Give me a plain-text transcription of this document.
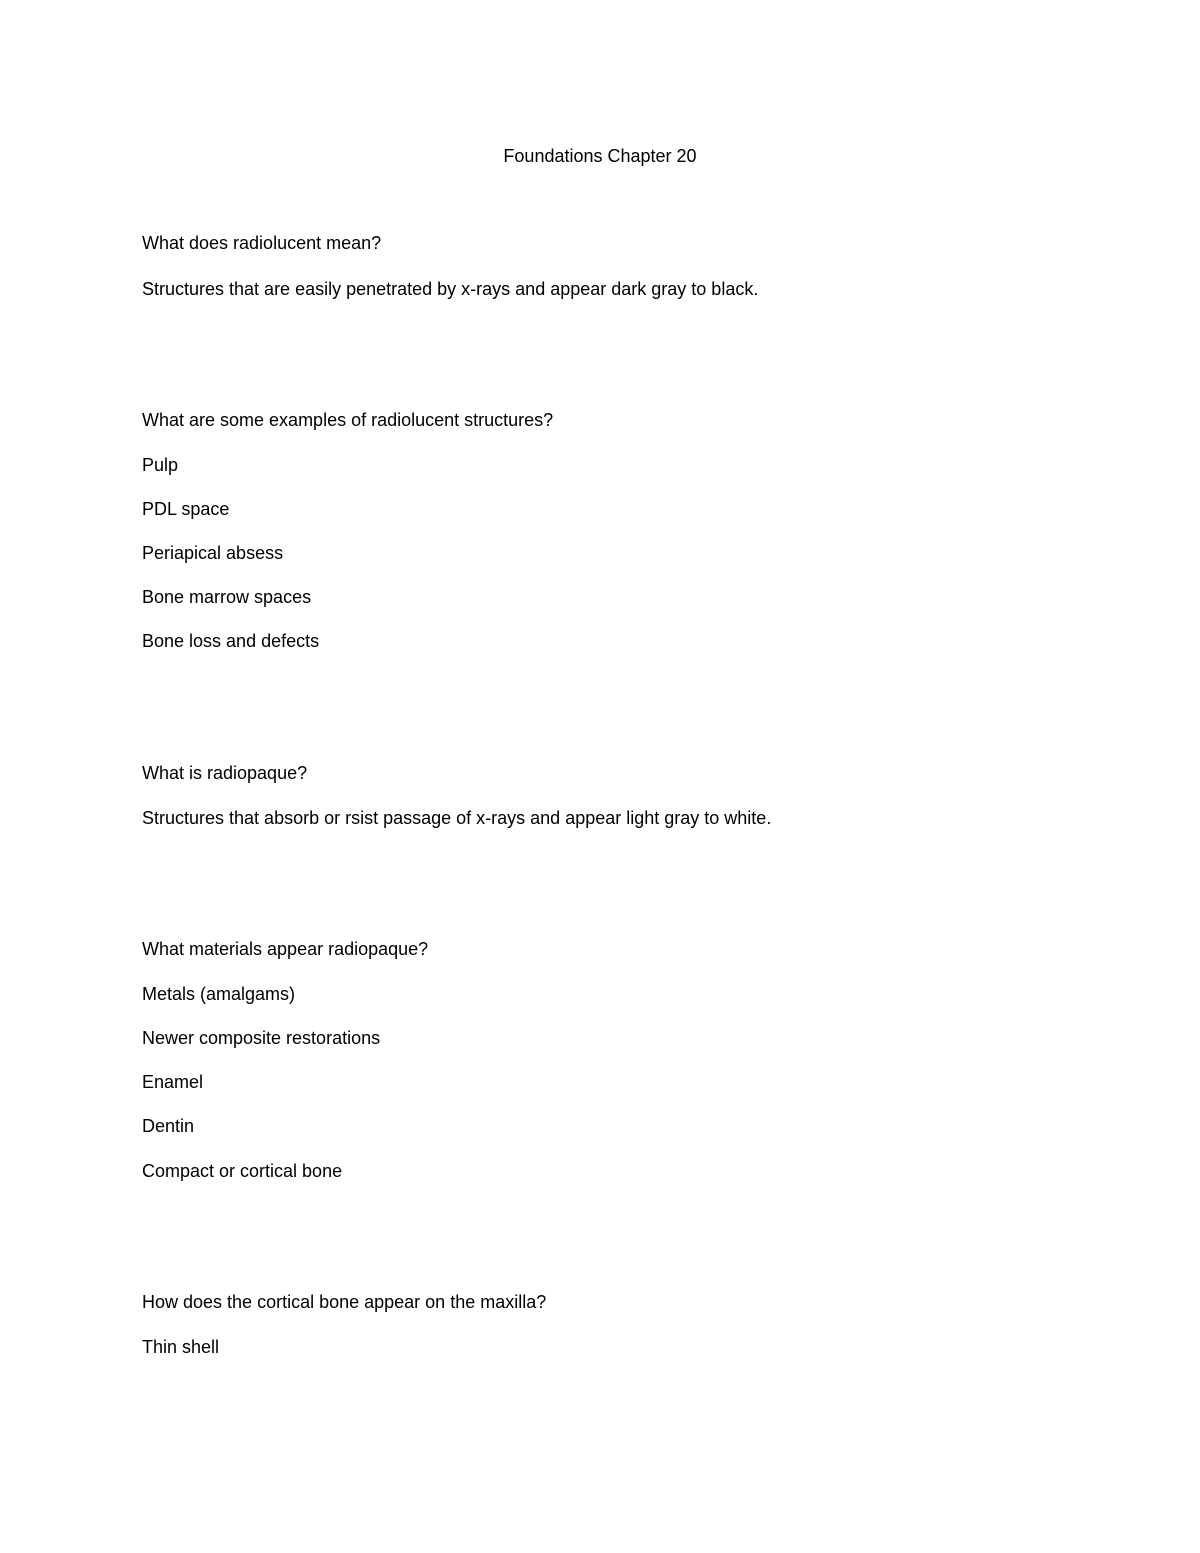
Foundations Chapter 20
What does radiolucent mean?
Structures that are easily penetrated by x-rays and appear dark gray to black.
What are some examples of radiolucent structures?
Pulp
PDL space
Periapical absess
Bone marrow spaces
Bone loss and defects
What is radiopaque?
Structures that absorb or rsist passage of x-rays and appear light gray to white.
What materials appear radiopaque?
Metals (amalgams)
Newer composite restorations
Enamel
Dentin
Compact or cortical bone
How does the cortical bone appear on the maxilla?
Thin shell
